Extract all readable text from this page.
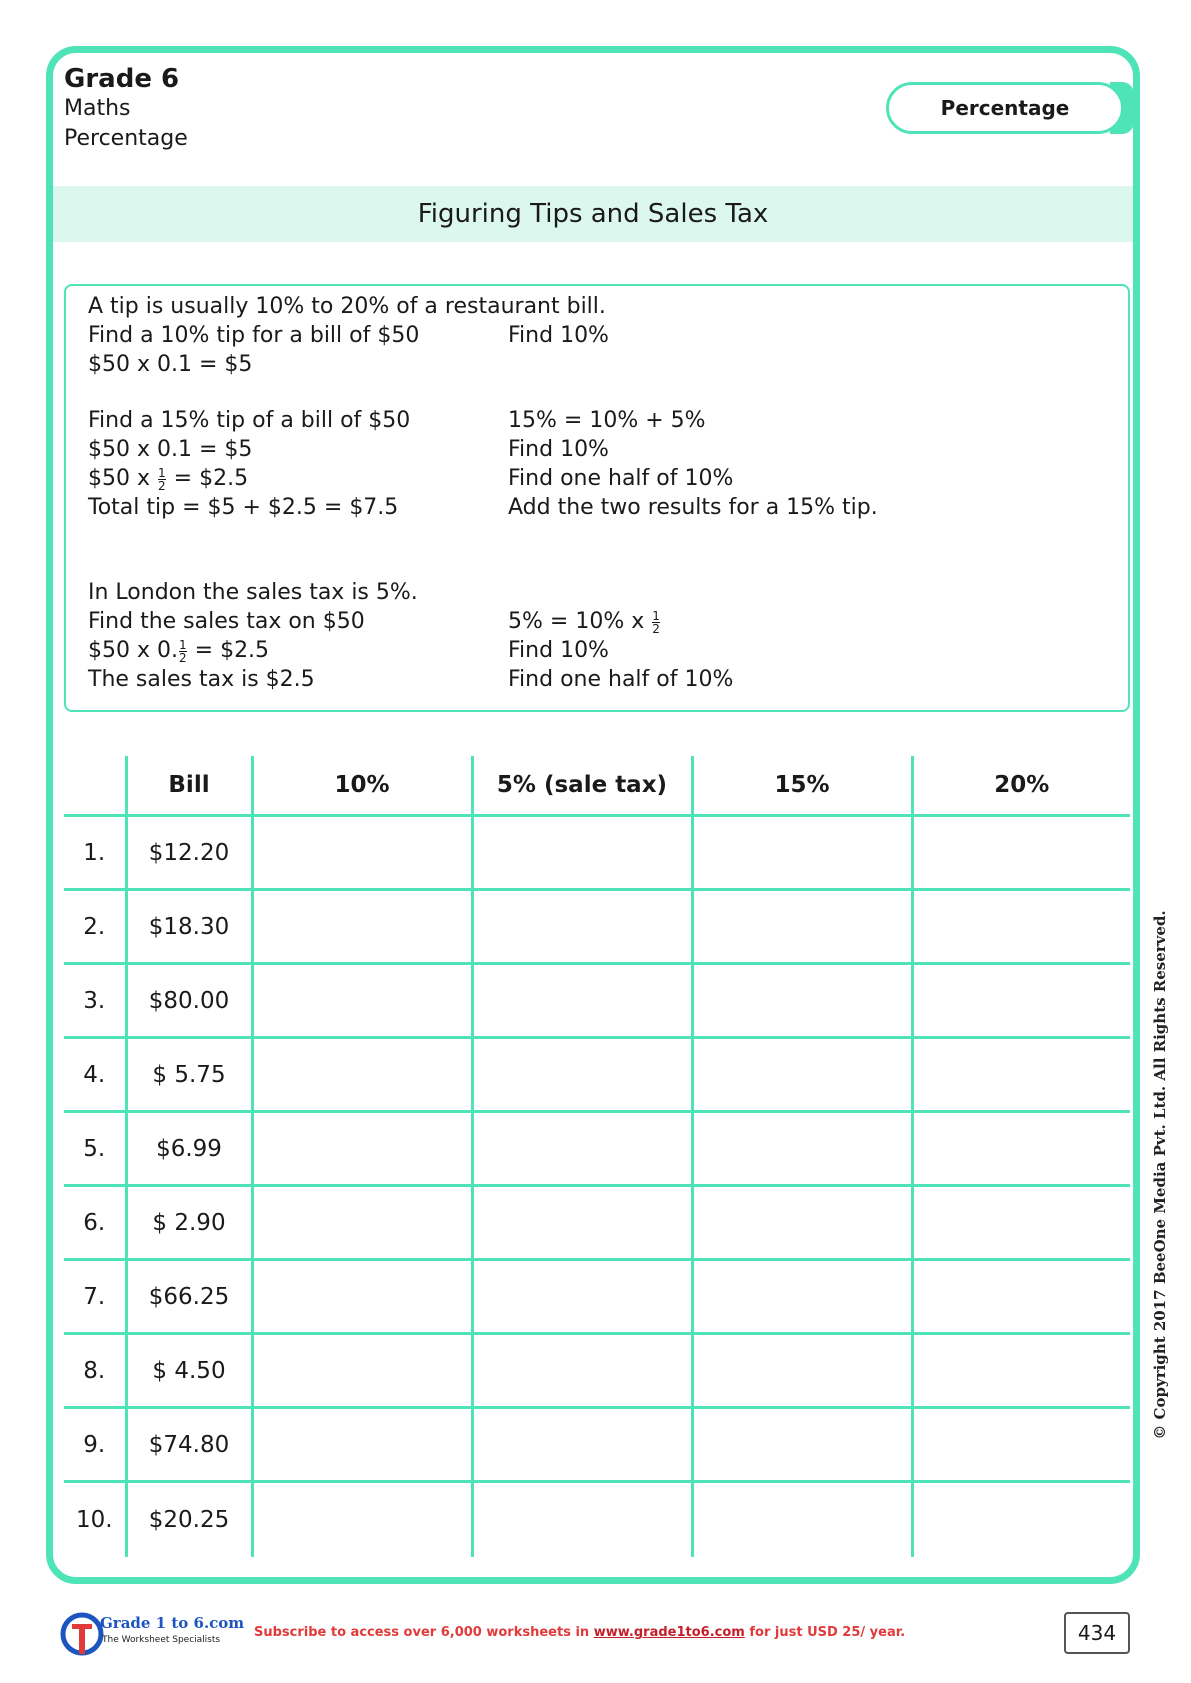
Grade 6
Maths
Percentage
Percentage
Figuring Tips and Sales Tax
A tip is usually 10% to 20% of a restaurant bill.
Find a 10% tip for a bill of $50	Find 10%
$50 x 0.1 = $5
Find a 15% tip of a bill of $50	15% = 10% + 5%
$50 x 0.1 = $5	Find 10%
$50 x $\frac{1}{2}$ = $2.5	Find one half of 10%
Total tip = $5 + $2.5 = $7.5	Add the two results for a 15% tip.
In London the sales tax is 5%.
Find the sales tax on $50	5% = 10% x $\frac{1}{2}$
$50 x 0. $\frac{1}{2}$ = $2.5	Find 10%
The sales tax is $2.5	Find one half of 10%
	Bill	10%	5% (sale tax)	15%	20%
1.	$12.20				
2.	$18.30				
3.	$80.00				
4.	$ 5.75				
5.	$6.99				
6.	$ 2.90				
7.	$66.25				
8.	$ 4.50				
9.	$74.80				
10.	$20.25				
© Copyright 2017 BeeOne Media Pvt. Ltd. All Rights Reserved.
Grade 1 to 6.com
The Worksheet Specialists	Subscribe to access over 6,000 worksheets in www.grade1to6.com for just USD 25/ year.	434
